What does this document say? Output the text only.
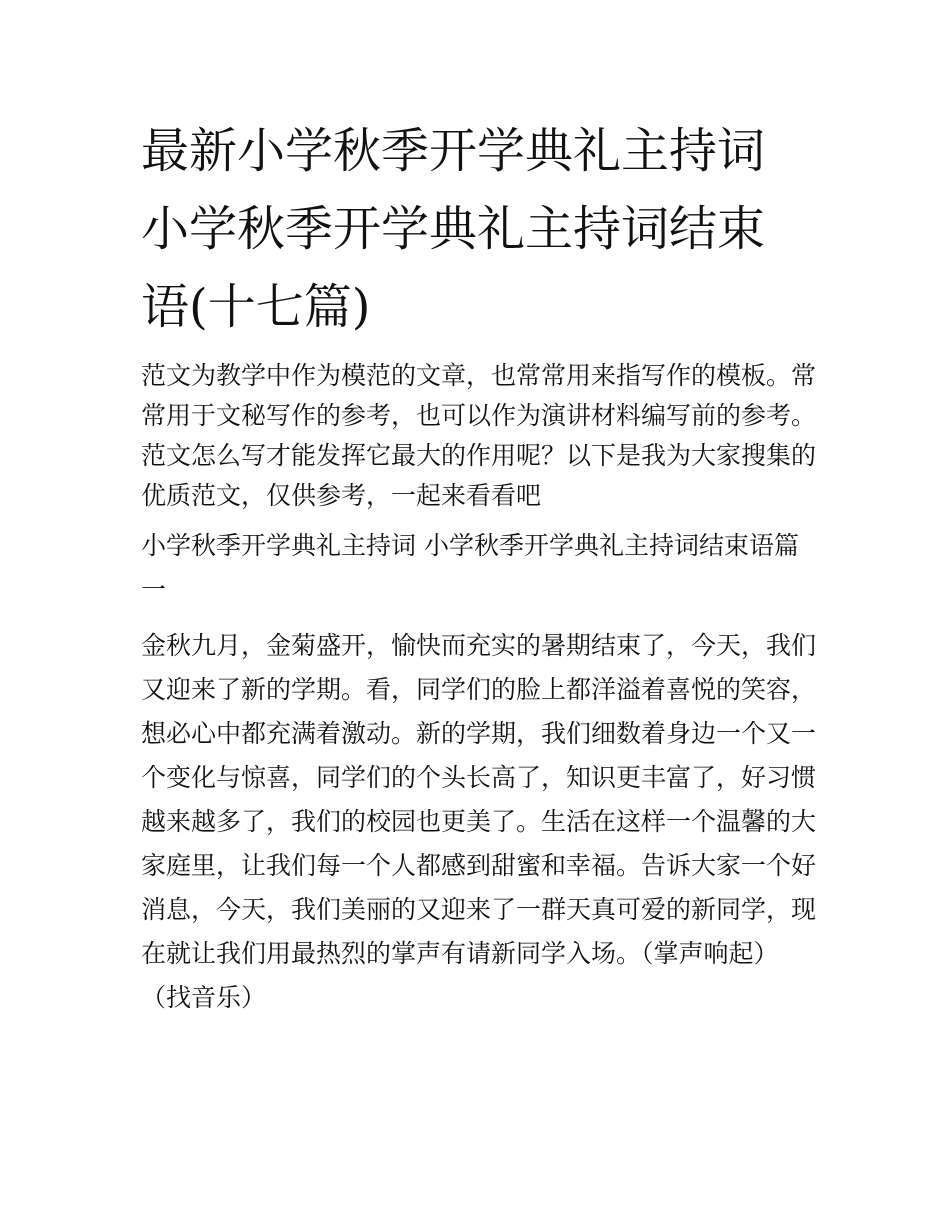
最新小学秋季开学典礼主持词
小学秋季开学典礼主持词结束
语(十七篇)
范文为教学中作为模范的文章，也常常用来指写作的模板。常
常用于文秘写作的参考，也可以作为演讲材料编写前的参考。
范文怎么写才能发挥它最大的作用呢？以下是我为大家搜集的
优质范文，仅供参考，一起来看看吧
小学秋季开学典礼主持词 小学秋季开学典礼主持词结束语篇
一
金秋九月，金菊盛开，愉快而充实的暑期结束了，今天，我们
又迎来了新的学期。看，同学们的脸上都洋溢着喜悦的笑容，
想必心中都充满着激动。新的学期，我们细数着身边一个又一
个变化与惊喜，同学们的个头长高了，知识更丰富了，好习惯
越来越多了，我们的校园也更美了。生活在这样一个温馨的大
家庭里，让我们每一个人都感到甜蜜和幸福。告诉大家一个好
消息，今天，我们美丽的又迎来了一群天真可爱的新同学，现
在就让我们用最热烈的掌声有请新同学入场。（掌声响起）
（找音乐）
